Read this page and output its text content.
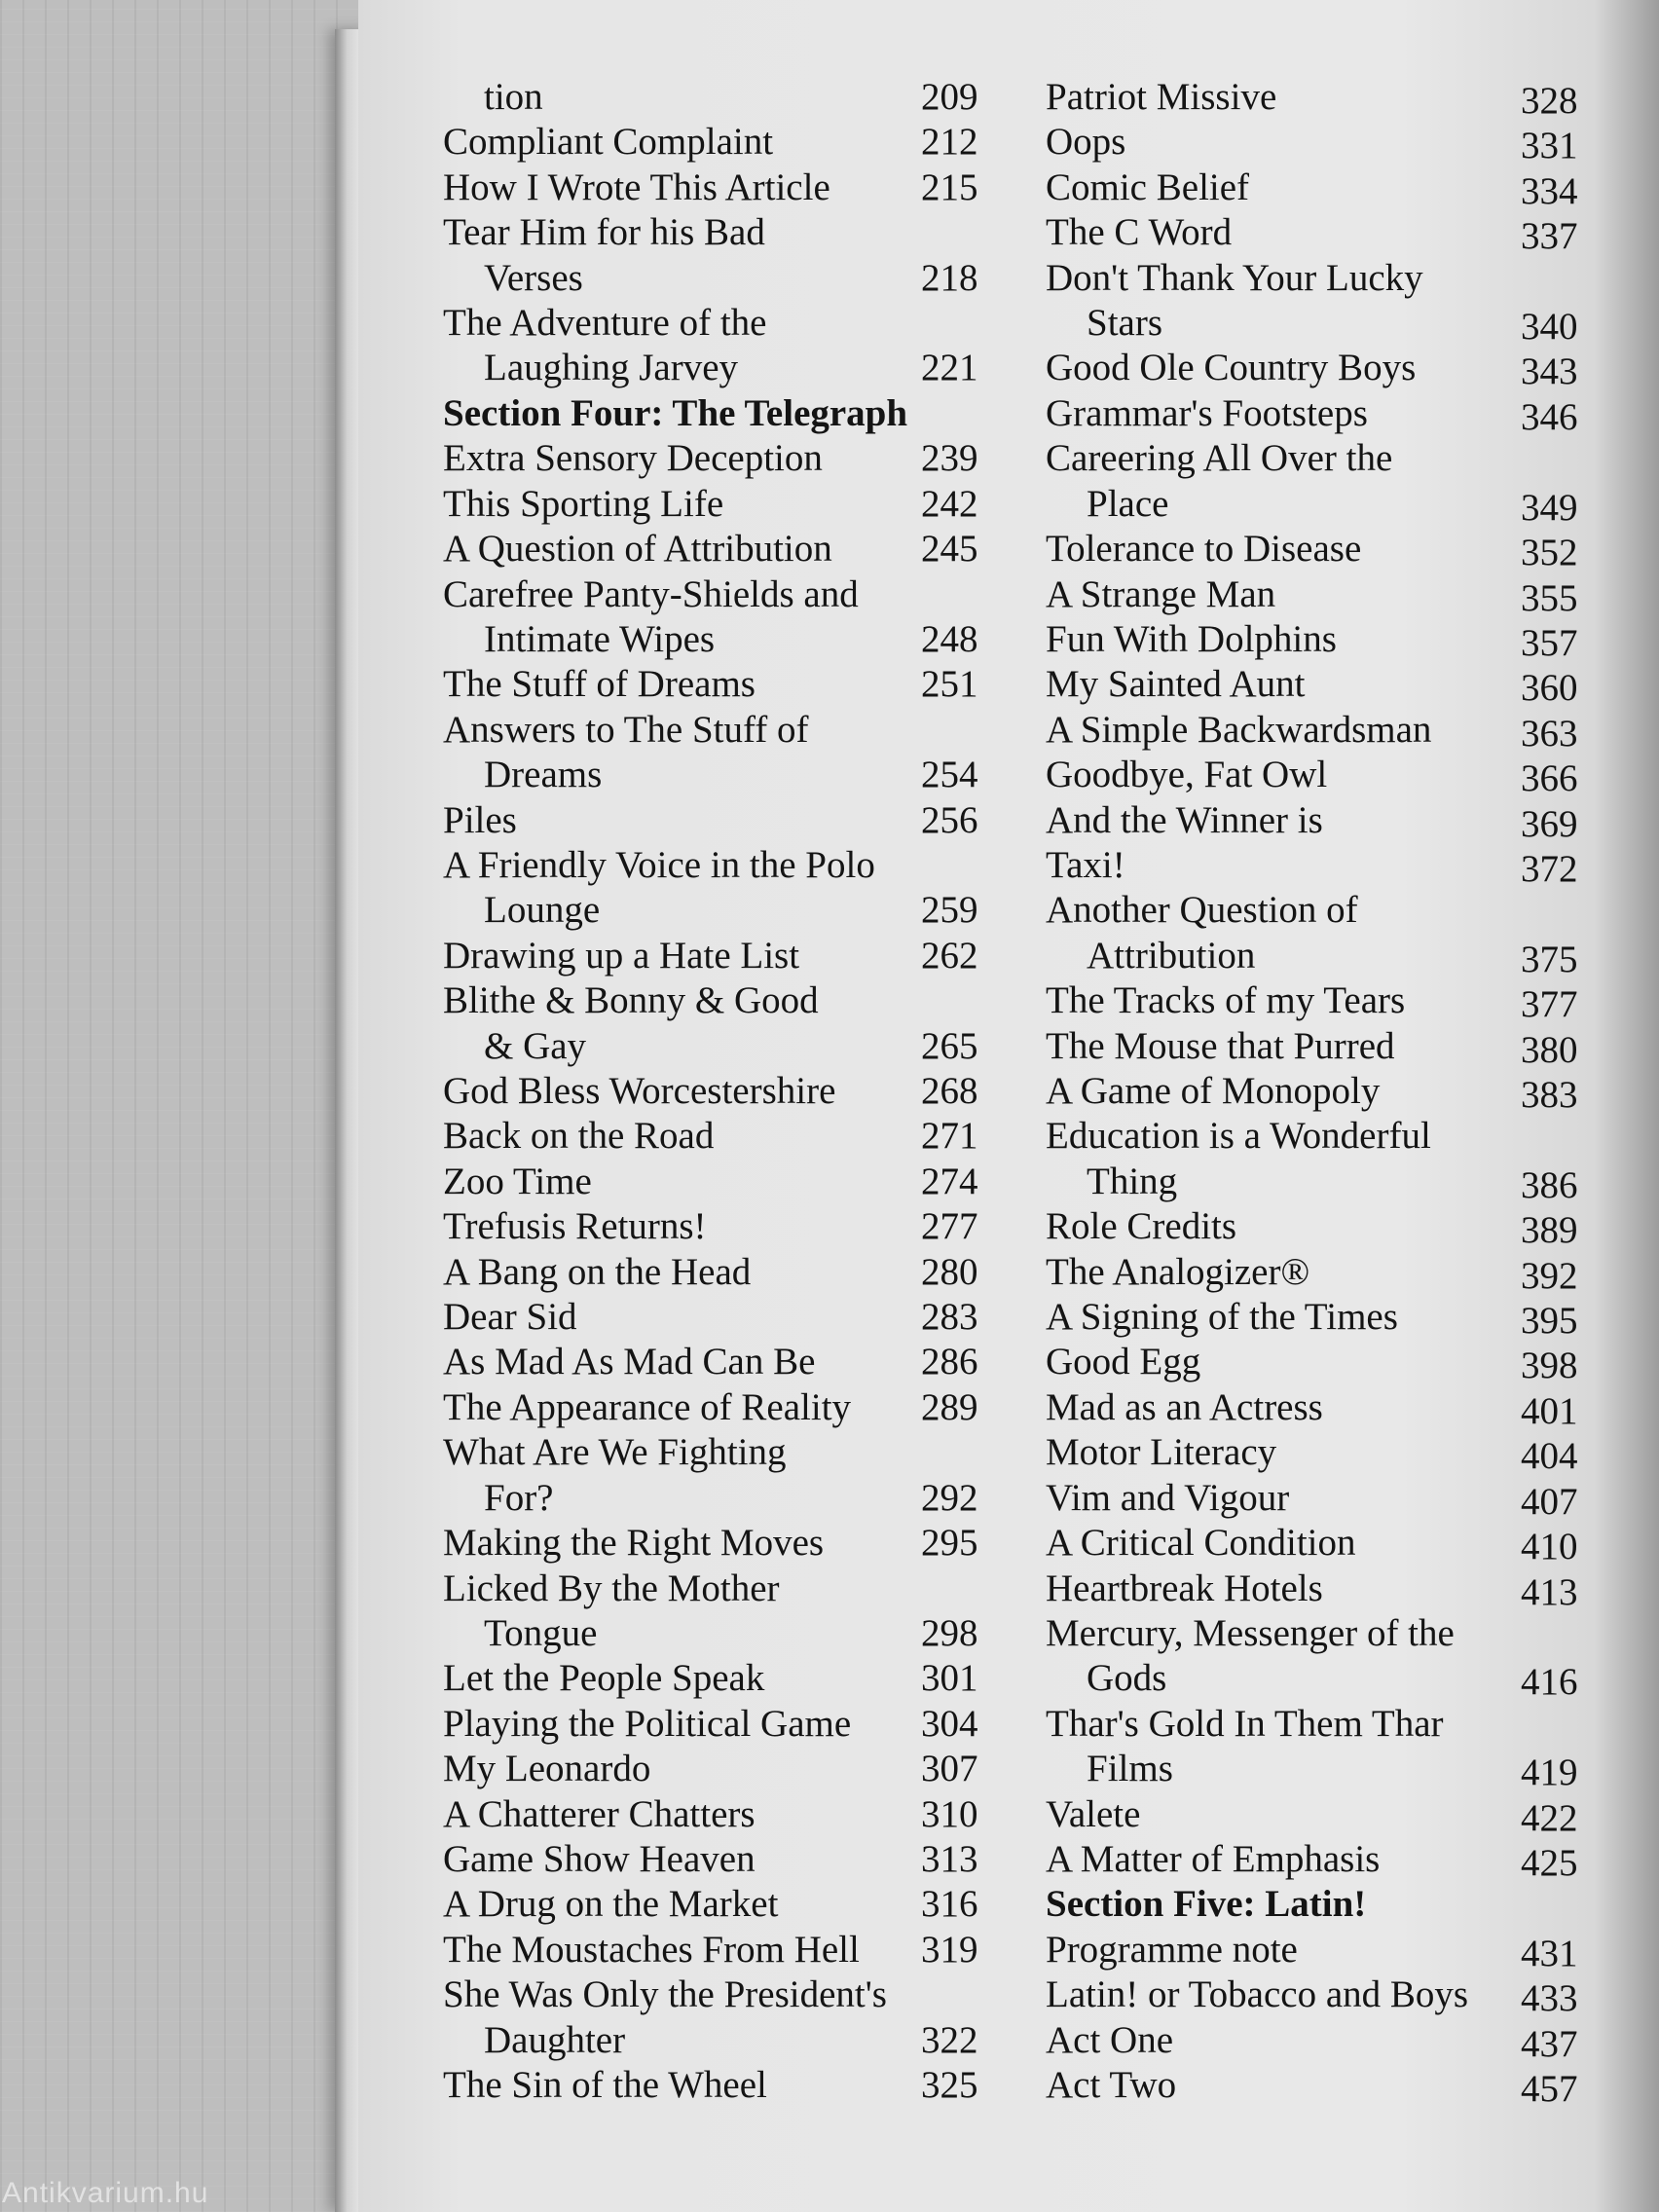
tion	209
Compliant Complaint	212
How I Wrote This Article 215
Tear Him for his Bad
Verses	218
The Adventure of the
Laughing Jarvey	221
Section Four: The Telegraph
Extra Sensory Deception	239
This Sporting Life	242
A Question of Attribution 245
Carefree Panty-Shields and
Intimate Wipes	248
The Stuff of Dreams	251
Answers to The Stuff of
Dreams	254
Piles	256
A Friendly Voice in the Polo
Lounge	259
Drawing up a Hate List	262
Blithe & Bonny & Good
& Gay	265
God Bless Worcestershire 268
Back on the Road	271
Zoo Time	274
Trefusis Returns!	277
A Bang on the Head	280
Dear Sid	283
As Mad As Mad Can Be	286
The Appearance of Reality 289
What Are We Fighting
For?	292
Making the Right Moves	295
Licked By the Mother
Tongue	298
Let the People Speak	301
Playing the Political Game 304
My Leonardo	307
A Chatterer Chatters	310
Game Show Heaven	313
A Drug on the Market	316
The Moustaches From Hell 319
She Was Only the President's
Daughter	322
The Sin of the Wheel	325
Patriot Missive	328
Oops	331
Comic Belief	334
The C Word	337
Don't Thank Your Lucky
Stars	340
Good Ole Country Boys	343
Grammar's Footsteps	346
Careering All Over the
Place	349
Tolerance to Disease	352
A Strange Man	355
Fun With Dolphins	357
My Sainted Aunt	360
A Simple Backwardsman 363
Goodbye, Fat Owl	366
And the Winner is	369
Taxi!	372
Another Question of
Attribution	375
The Tracks of my Tears	377
The Mouse that Purred	380
A Game of Monopoly	383
Education is a Wonderful
Thing	386
Role Credits	389
The Analogizer®	392
A Signing of the Times	395
Good Egg	398
Mad as an Actress	401
Motor Literacy	404
Vim and Vigour	407
A Critical Condition	410
Heartbreak Hotels	413
Mercury, Messenger of the
Gods	416
Thar's Gold In Them Thar
Films	419
Valete	422
A Matter of Emphasis	425
Section Five: Latin!
Programme note	431
Latin! or Tobacco and Boys 433
Act One	437
Act Two	457
Antikvarium.hu
